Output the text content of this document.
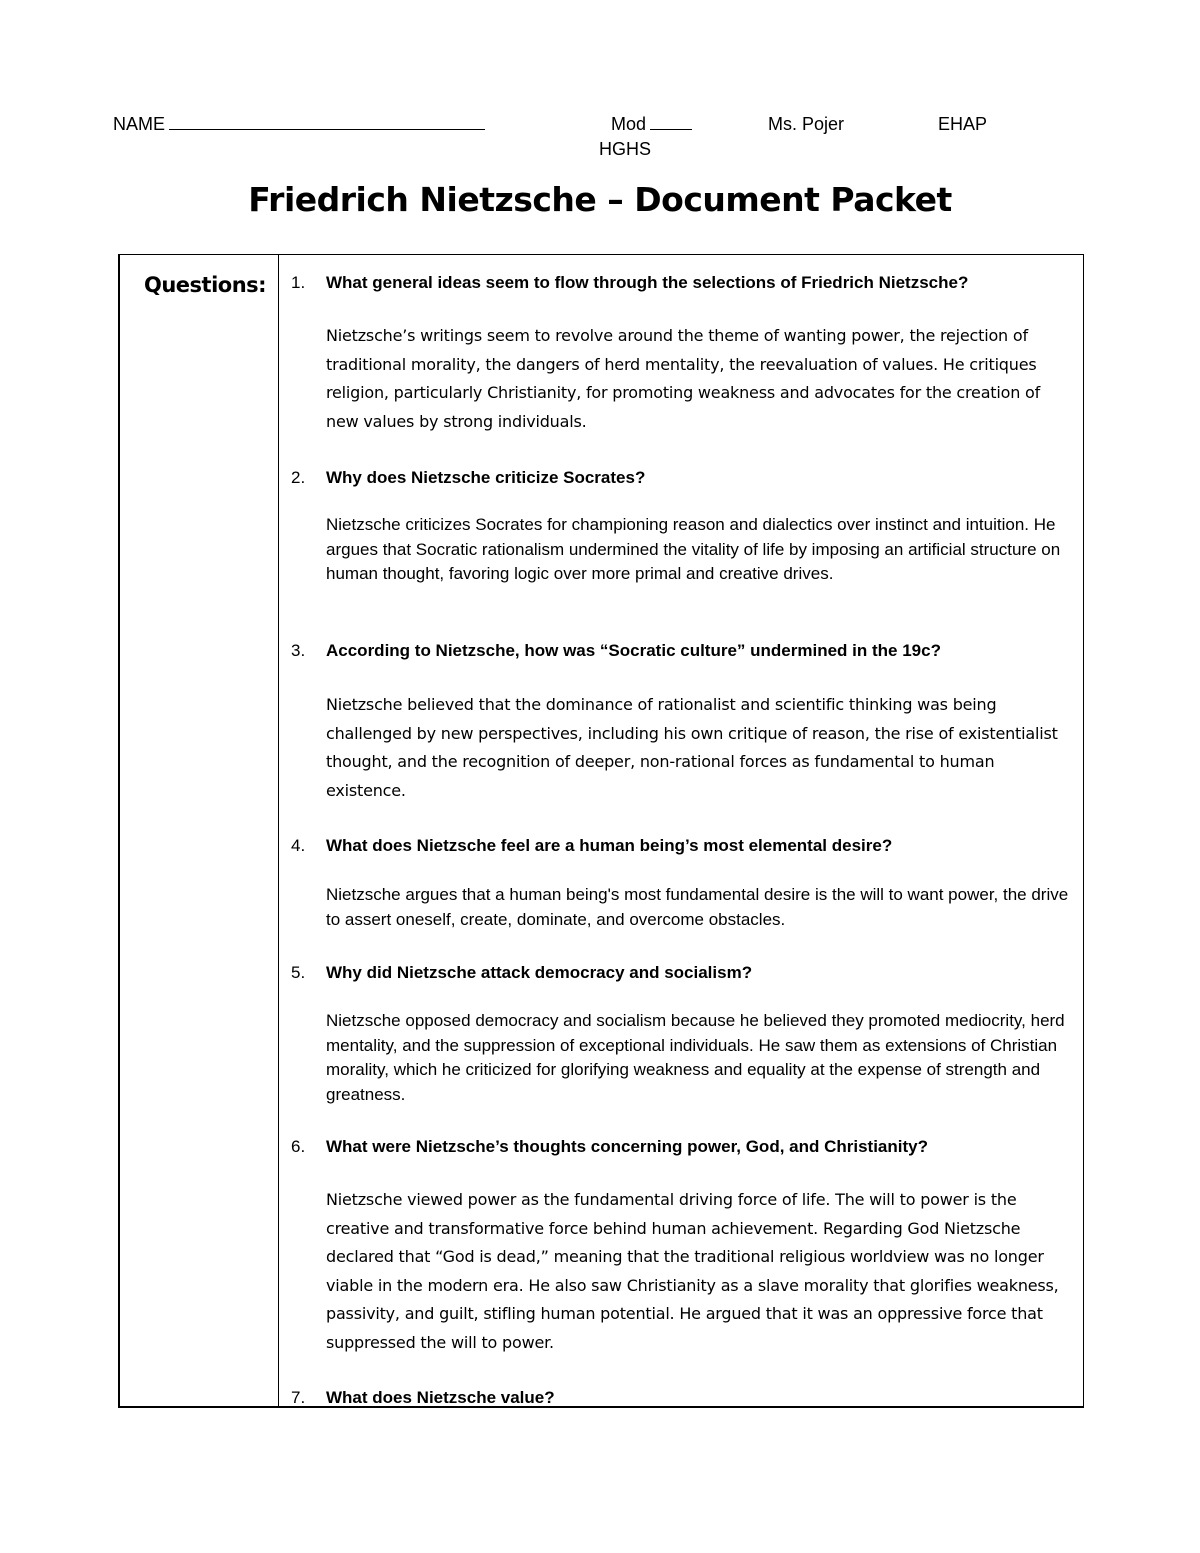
NAME	Mod	Ms. Pojer	EHAP
HGHS
Friedrich Nietzsche – Document Packet
Questions: 1. What general ideas seem to flow through the selections of Friedrich Nietzsche?
Nietzsche’s writings seem to revolve around the theme of wanting power, the rejection of traditional morality, the dangers of herd mentality, the reevaluation of values. He critiques religion, particularly Christianity, for promoting weakness and advocates for the creation of new values by strong individuals.
2. Why does Nietzsche criticize Socrates?
Nietzsche criticizes Socrates for championing reason and dialectics over instinct and intuition. He argues that Socratic rationalism undermined the vitality of life by imposing an artificial structure on human thought, favoring logic over more primal and creative drives.
3. According to Nietzsche, how was “Socratic culture” undermined in the 19c?
Nietzsche believed that the dominance of rationalist and scientific thinking was being challenged by new perspectives, including his own critique of reason, the rise of existentialist thought, and the recognition of deeper, non-rational forces as fundamental to human existence.
4. What does Nietzsche feel are a human being’s most elemental desire?
Nietzsche argues that a human being's most fundamental desire is the will to want power, the drive to assert oneself, create, dominate, and overcome obstacles.
5. Why did Nietzsche attack democracy and socialism?
Nietzsche opposed democracy and socialism because he believed they promoted mediocrity, herd mentality, and the suppression of exceptional individuals. He saw them as extensions of Christian morality, which he criticized for glorifying weakness and equality at the expense of strength and greatness.
6. What were Nietzsche’s thoughts concerning power, God, and Christianity?
Nietzsche viewed power as the fundamental driving force of life. The will to power is the creative and transformative force behind human achievement. Regarding God Nietzsche declared that “God is dead,” meaning that the traditional religious worldview was no longer viable in the modern era. He also saw Christianity as a slave morality that glorifies weakness, passivity, and guilt, stifling human potential. He argued that it was an oppressive force that suppressed the will to power.
7. What does Nietzsche value?
